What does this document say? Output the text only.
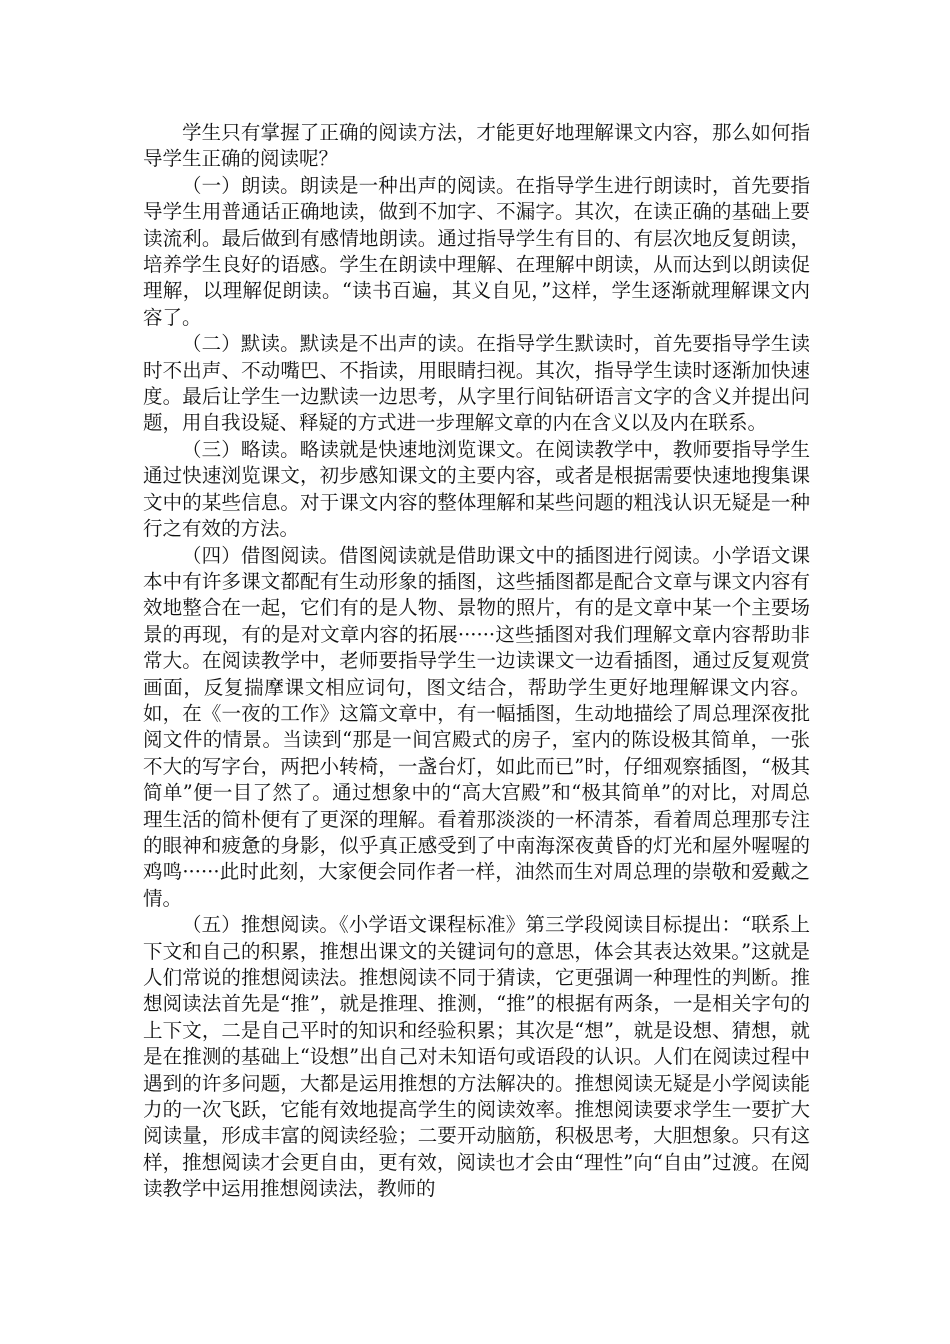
学生只有掌握了正确的阅读方法，才能更好地理解课文内容，那么如何指导学生正确的阅读呢？

（一）朗读。朗读是一种出声的阅读。在指导学生进行朗读时，首先要指导学生用普通话正确地读，做到不加字、不漏字。其次，在读正确的基础上要读流利。最后做到有感情地朗读。通过指导学生有目的、有层次地反复朗读，培养学生良好的语感。学生在朗读中理解、在理解中朗读，从而达到以朗读促理解，以理解促朗读。“读书百遍，其义自见，”这样，学生逐渐就理解课文内容了。

（二）默读。默读是不出声的读。在指导学生默读时，首先要指导学生读时不出声、不动嘴巴、不指读，用眼睛扫视。其次，指导学生读时逐渐加快速度。最后让学生一边默读一边思考，从字里行间钻研语言文字的含义并提出问题，用自我设疑、释疑的方式进一步理解文章的内在含义以及内在联系。

（三）略读。略读就是快速地浏览课文。在阅读教学中，教师要指导学生通过快速浏览课文，初步感知课文的主要内容，或者是根据需要快速地搜集课文中的某些信息。对于课文内容的整体理解和某些问题的粗浅认识无疑是一种行之有效的方法。

（四）借图阅读。借图阅读就是借助课文中的插图进行阅读。小学语文课本中有许多课文都配有生动形象的插图，这些插图都是配合文章与课文内容有效地整合在一起，它们有的是人物、景物的照片，有的是文章中某一个主要场景的再现，有的是对文章内容的拓展······这些插图对我们理解文章内容帮助非常大。在阅读教学中，老师要指导学生一边读课文一边看插图，通过反复观赏画面，反复揣摩课文相应词句，图文结合，帮助学生更好地理解课文内容。如，在《一夜的工作》这篇文章中，有一幅插图，生动地描绘了周总理深夜批阅文件的情景。当读到“那是一间宫殿式的房子，室内的陈设极其简单，一张不大的写字台，两把小转椅，一盏台灯，如此而已”时，仔细观察插图，“极其简单”便一目了然了。通过想象中的“高大宫殿”和“极其简单”的对比，对周总理生活的简朴便有了更深的理解。看着那淡淡的一杯清茶，看着周总理那专注的眼神和疲惫的身影，似乎真正感受到了中南海深夜黄昏的灯光和屋外喔喔的鸡鸣······此时此刻，大家便会同作者一样，油然而生对周总理的崇敬和爱戴之情。

（五）推想阅读。《小学语文课程标准》第三学段阅读目标提出：“联系上下文和自己的积累，推想出课文的关键词句的意思，体会其表达效果。”这就是人们常说的推想阅读法。推想阅读不同于猜读，它更强调一种理性的判断。推想阅读法首先是“推”，就是推理、推测，“推”的根据有两条，一是相关字句的上下文，二是自己平时的知识和经验积累；其次是“想”，就是设想、猜想，就是在推测的基础上“设想”出自己对未知语句或语段的认识。人们在阅读过程中遇到的许多问题，大都是运用推想的方法解决的。推想阅读无疑是小学阅读能力的一次飞跃，它能有效地提高学生的阅读效率。推想阅读要求学生一要扩大阅读量，形成丰富的阅读经验；二要开动脑筋，积极思考，大胆想象。只有这样，推想阅读才会更自由，更有效，阅读也才会由“理性”向“自由”过渡。在阅读教学中运用推想阅读法，教师的
